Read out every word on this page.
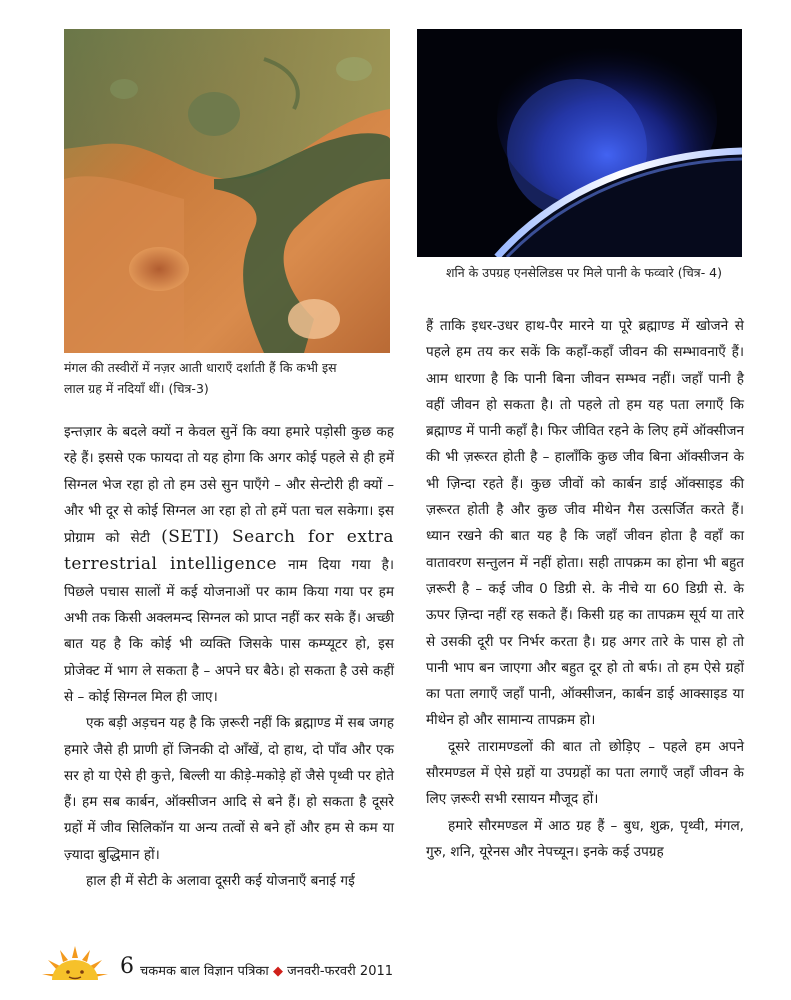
मंगल की तस्वीरों में नज़र आती धाराएँ दर्शाती हैं कि कभी इस
लाल ग्रह में नदियाँ थीं। (चित्र-3)
शनि के उपग्रह एनसेलिडस पर मिले पानी के फव्वारे (चित्र- 4)

इन्तज़ार के बदले क्यों न केवल सुनें कि क्या हमारे पड़ोसी कुछ कह रहे हैं। इससे एक फायदा तो यह होगा कि अगर कोई पहले से ही हमें सिग्नल भेज रहा हो तो हम उसे सुन पाएँगे – और सेन्टोरी ही क्यों – और भी दूर से कोई सिग्नल आ रहा हो तो हमें पता चल सकेगा। इस प्रोग्राम को सेटी (SETI) Search for extra terrestrial intelligence नाम दिया गया है। पिछले पचास सालों में कई योजनाओं पर काम किया गया पर हम अभी तक किसी अक्लमन्द सिग्नल को प्राप्त नहीं कर सके हैं। अच्छी बात यह है कि कोई भी व्यक्ति जिसके पास कम्प्यूटर हो, इस प्रोजेक्ट में भाग ले सकता है – अपने घर बैठे। हो सकता है उसे कहीं से – कोई सिग्नल मिल ही जाए।

एक बड़ी अड़चन यह है कि ज़रूरी नहीं कि ब्रह्माण्ड में सब जगह हमारे जैसे ही प्राणी हों जिनकी दो आँखें, दो हाथ, दो पाँव और एक सर हो या ऐसे ही कुत्ते, बिल्ली या कीड़े-मकोड़े हों जैसे पृथ्वी पर होते हैं। हम सब कार्बन, ऑक्सीजन आदि से बने हैं। हो सकता है दूसरे ग्रहों में जीव सिलिकॉन या अन्य तत्वों से बने हों और हम से कम या ज़्यादा बुद्धिमान हों।

हाल ही में सेटी के अलावा दूसरी कई योजनाएँ बनाई गई

हैं ताकि इधर-उधर हाथ-पैर मारने या पूरे ब्रह्माण्ड में खोजने से पहले हम तय कर सकें कि कहाँ-कहाँ जीवन की सम्भावनाएँ हैं। आम धारणा है कि पानी बिना जीवन सम्भव नहीं। जहाँ पानी है वहीं जीवन हो सकता है। तो पहले तो हम यह पता लगाएँ कि ब्रह्माण्ड में पानी कहाँ है। फिर जीवित रहने के लिए हमें ऑक्सीजन की भी ज़रूरत होती है – हालाँकि कुछ जीव बिना ऑक्सीजन के भी ज़िन्दा रहते हैं। कुछ जीवों को कार्बन डाई ऑक्साइड की ज़रूरत होती है और कुछ जीव मीथेन गैस उत्सर्जित करते हैं। ध्यान रखने की बात यह है कि जहाँ जीवन होता है वहाँ का वातावरण सन्तुलन में नहीं होता। सही तापक्रम का होना भी बहुत ज़रूरी है – कई जीव 0 डिग्री से. के नीचे या 60 डिग्री से. के ऊपर ज़िन्दा नहीं रह सकते हैं। किसी ग्रह का तापक्रम सूर्य या तारे से उसकी दूरी पर निर्भर करता है। ग्रह अगर तारे के पास हो तो पानी भाप बन जाएगा और बहुत दूर हो तो बर्फ। तो हम ऐसे ग्रहों का पता लगाएँ जहाँ पानी, ऑक्सीजन, कार्बन डाई आक्साइड या मीथेन हो और सामान्य तापक्रम हो।

दूसरे तारामण्डलों की बात तो छोड़िए – पहले हम अपने सौरमण्डल में ऐसे ग्रहों या उपग्रहों का पता लगाएँ जहाँ जीवन के लिए ज़रूरी सभी रसायन मौजूद हों।

हमारे सौरमण्डल में आठ ग्रह हैं – बुध, शुक्र, पृथ्वी, मंगल, गुरु, शनि, यूरेनस और नेपच्यून। इनके कई उपग्रह

6 चकमक बाल विज्ञान पत्रिका ◆ जनवरी-फरवरी 2011
